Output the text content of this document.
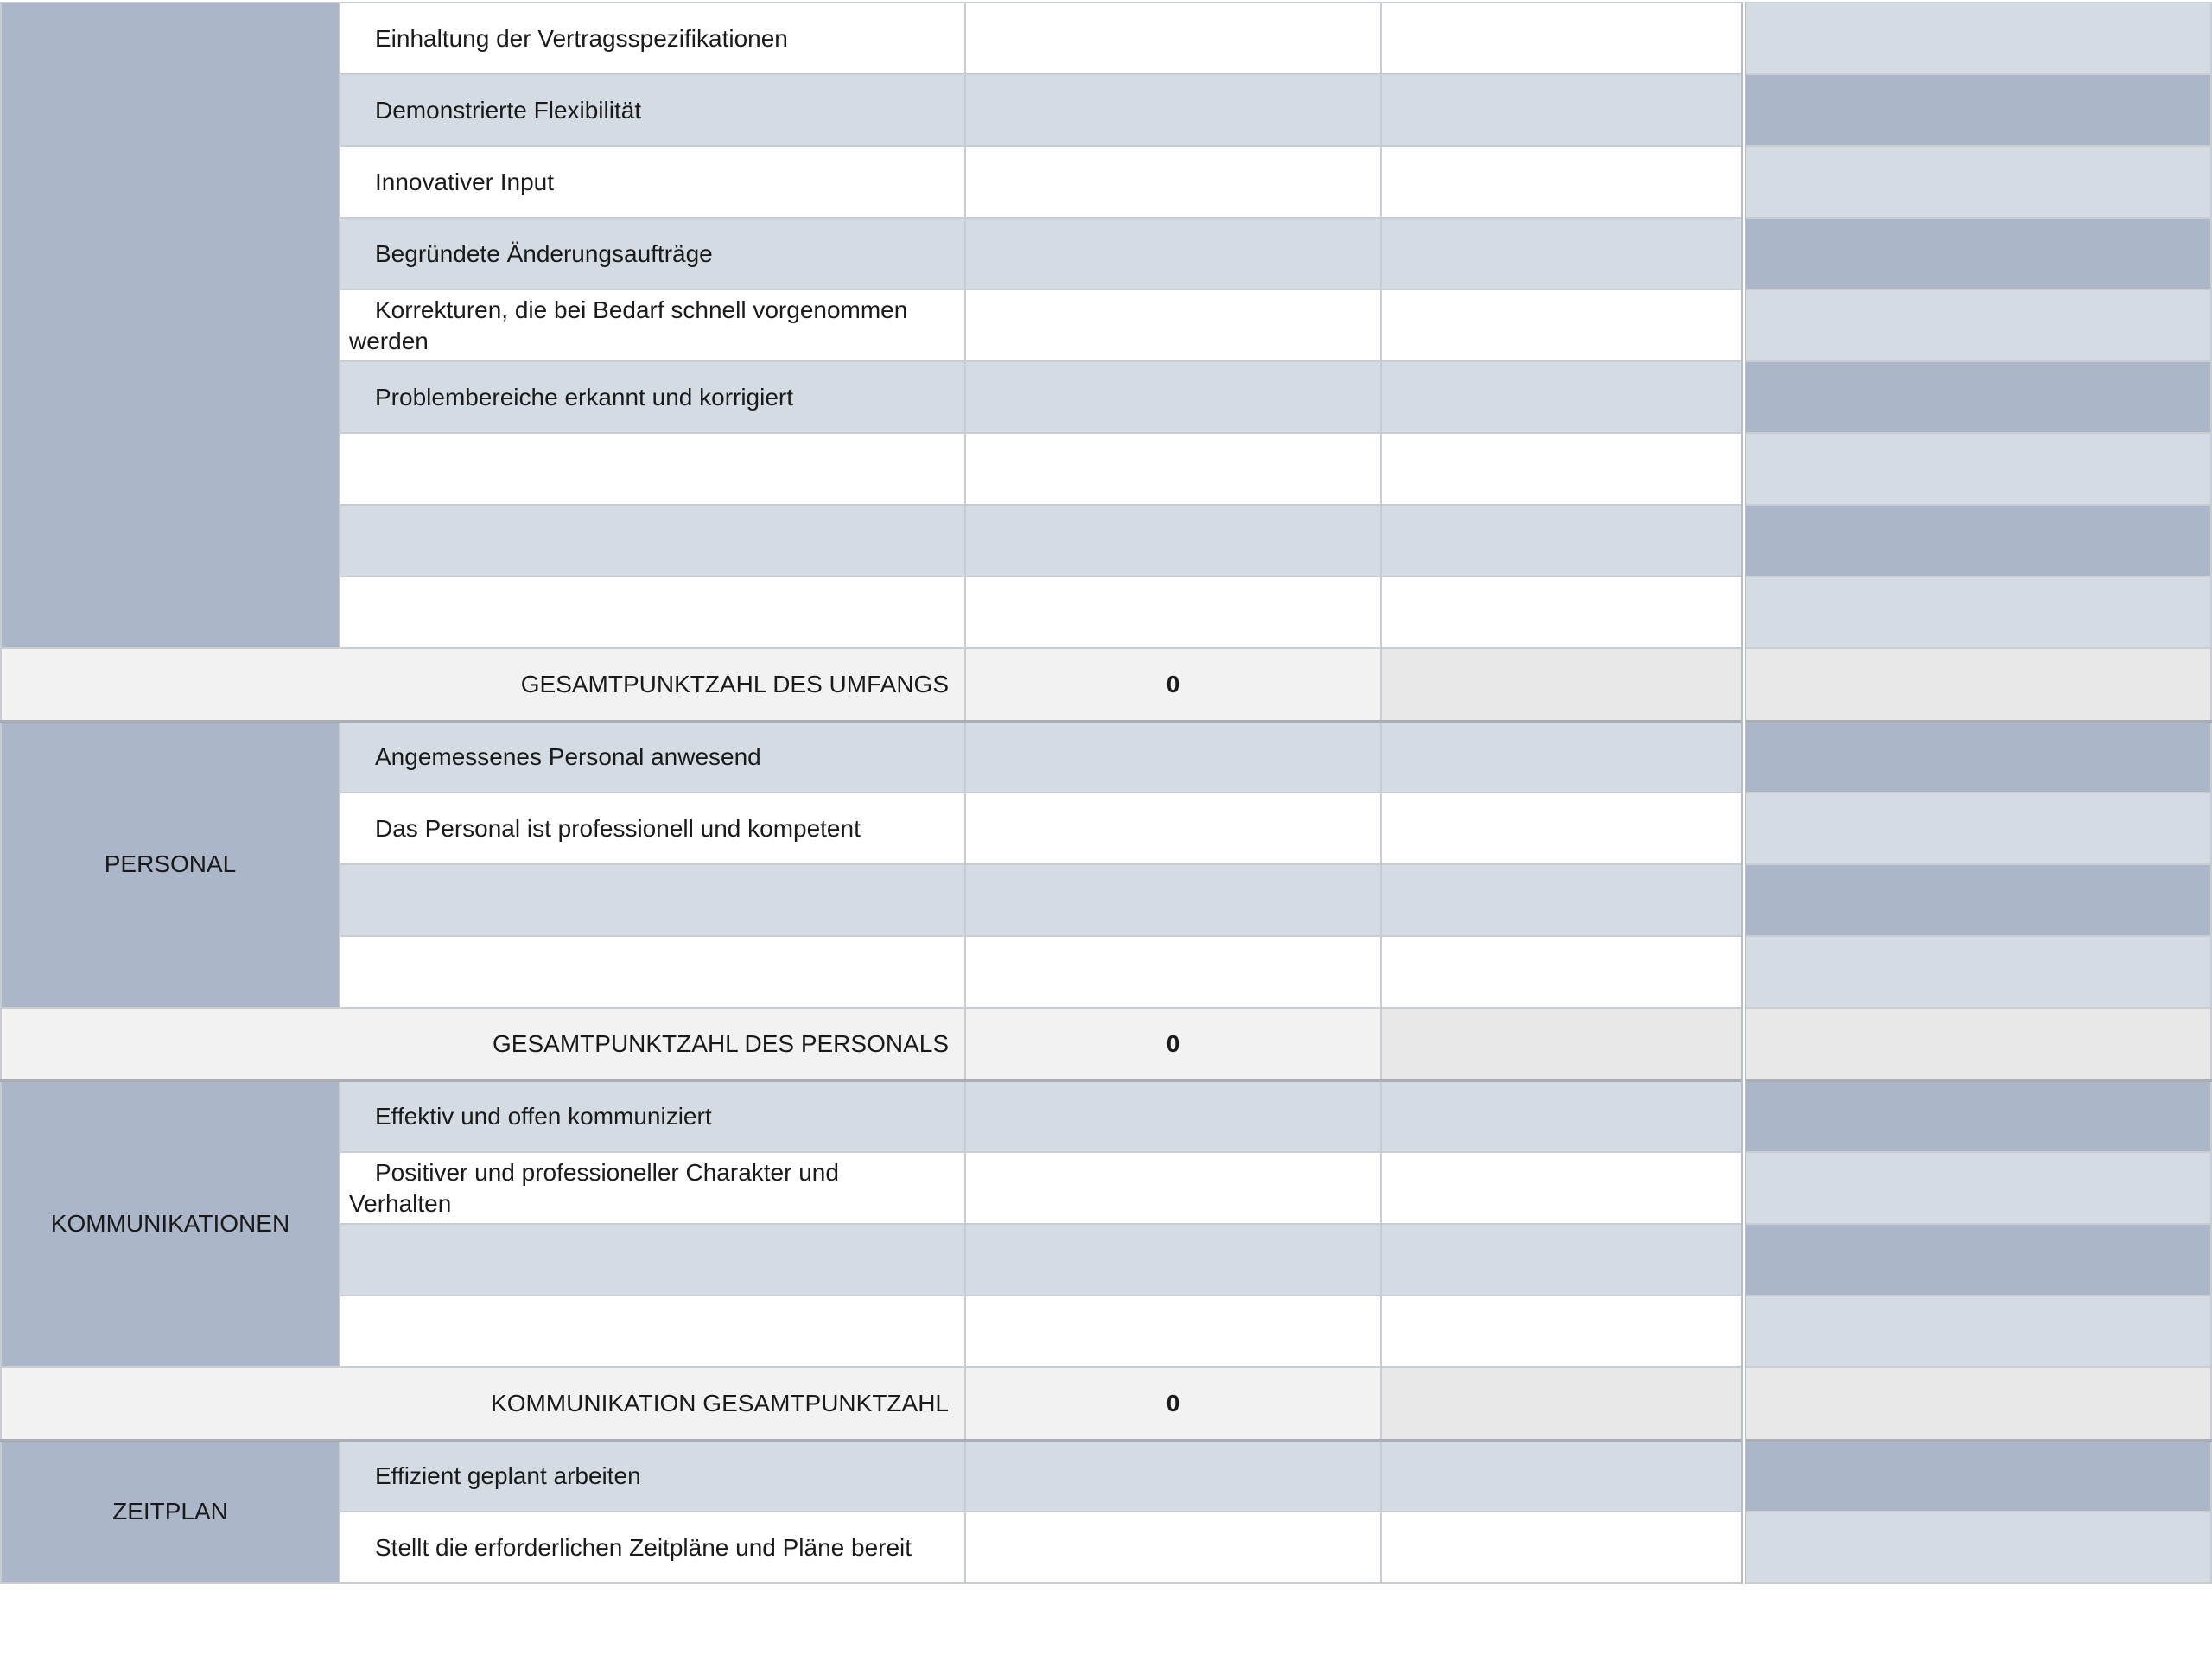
	Einhaltung der Vertragsspezifikationen			
	Demonstrierte Flexibilität			
	Innovativer Input			
	Begründete Änderungsaufträge			
	Korrekturen, die bei Bedarf schnell vorgenommen werden			
	Problembereiche erkannt und korrigiert			

GESAMTPUNKTZAHL DES UMFANGS		0		
PERSONAL	Angemessenes Personal anwesend			
	Das Personal ist professionell und kompetent			

GESAMTPUNKTZAHL DES PERSONALS		0		
KOMMUNIKATIONEN	Effektiv und offen kommuniziert			
	Positiver und professioneller Charakter und Verhalten			

KOMMUNIKATION GESAMTPUNKTZAHL		0		
ZEITPLAN	Effizient geplant arbeiten			
	Stellt die erforderlichen Zeitpläne und Pläne bereit			
